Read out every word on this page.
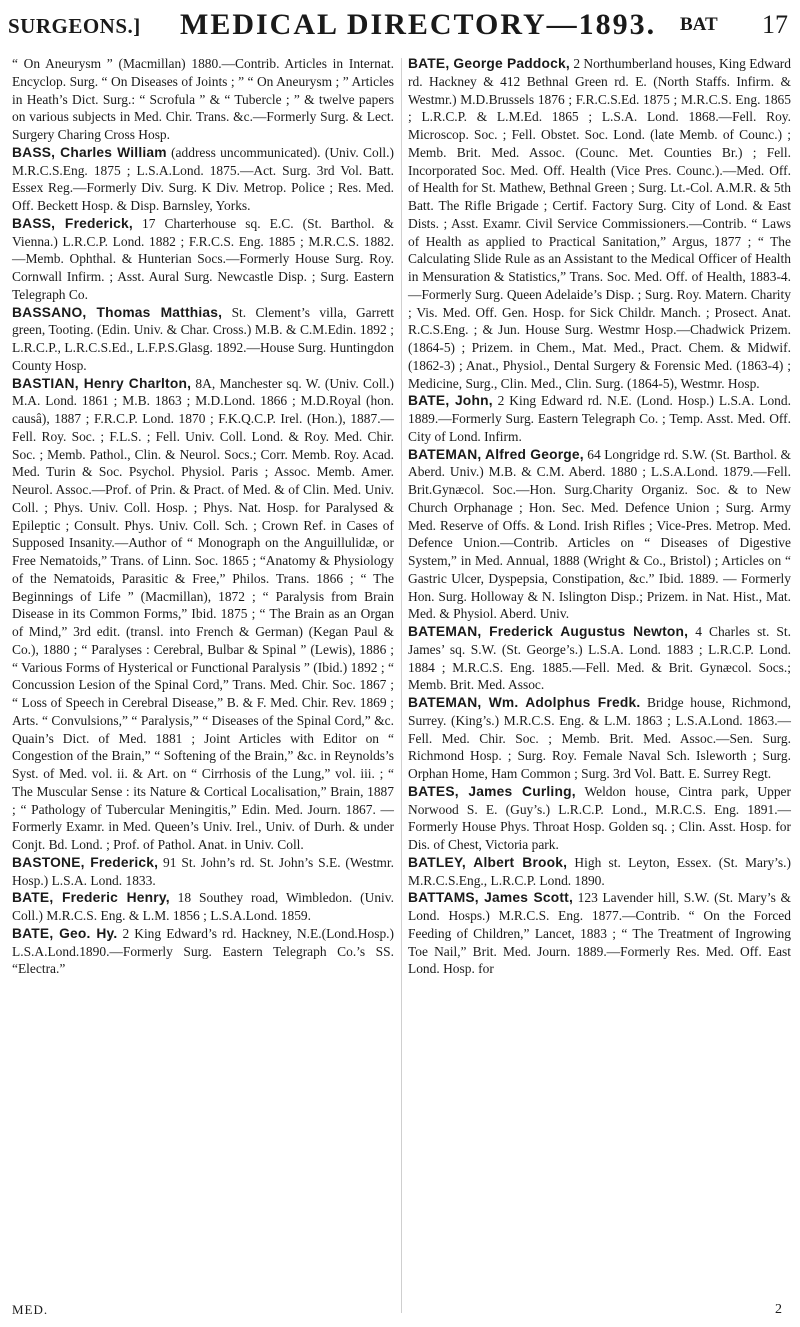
SURGEONS.] MEDICAL DIRECTORY—1893. BAT 17

“ On Aneurysm ” (Macmillan) 1880.—Contrib. Articles in Internat. Encyclop. Surg. “ On Diseases of Joints ; ” “ On Aneurysm ; ” Articles in Heath’s Dict. Surg.: “ Scrofula ” & “ Tubercle ; ” & twelve papers on various subjects in Med. Chir. Trans. &c.—Formerly Surg. & Lect. Surgery Charing Cross Hosp.

BASS, Charles William (address uncommunicated). (Univ. Coll.) M.R.C.S.Eng. 1875 ; L.S.A.Lond. 1875.—Act. Surg. 3rd Vol. Batt. Essex Reg.—Formerly Div. Surg. K Div. Metrop. Police ; Res. Med. Off. Beckett Hosp. & Disp. Barnsley, Yorks.

BASS, Frederick, 17 Charterhouse sq. E.C. (St. Barthol. & Vienna.) L.R.C.P. Lond. 1882 ; F.R.C.S. Eng. 1885 ; M.R.C.S. 1882.—Memb. Ophthal. & Hunterian Socs.—Formerly House Surg. Roy. Cornwall Infirm. ; Asst. Aural Surg. Newcastle Disp. ; Surg. Eastern Telegraph Co.

BASSANO, Thomas Matthias, St. Clement’s villa, Garrett green, Tooting. (Edin. Univ. & Char. Cross.) M.B. & C.M.Edin. 1892 ; L.R.C.P., L.R.C.S.Ed., L.F.P.S.Glasg. 1892.—House Surg. Huntingdon County Hosp.

BASTIAN, Henry Charlton, 8A, Manchester sq. W. (Univ. Coll.) M.A. Lond. 1861 ; M.B. 1863 ; M.D.Lond. 1866 ; M.D.Royal (hon. causâ), 1887 ; F.R.C.P. Lond. 1870 ; F.K.Q.C.P. Irel. (Hon.), 1887.—Fell. Roy. Soc. ; F.L.S. ; Fell. Univ. Coll. Lond. & Roy. Med. Chir. Soc. ; Memb. Pathol., Clin. & Neurol. Socs.; Corr. Memb. Roy. Acad. Med. Turin & Soc. Psychol. Physiol. Paris ; Assoc. Memb. Amer. Neurol. Assoc.—Prof. of Prin. & Pract. of Med. & of Clin. Med. Univ. Coll. ; Phys. Univ. Coll. Hosp. ; Phys. Nat. Hosp. for Paralysed & Epileptic ; Consult. Phys. Univ. Coll. Sch. ; Crown Ref. in Cases of Supposed Insanity.—Author of “ Monograph on the Anguillulidæ, or Free Nematoids,” Trans. of Linn. Soc. 1865 ; “Anatomy & Physiology of the Nematoids, Parasitic & Free,” Philos. Trans. 1866 ; “ The Beginnings of Life ” (Macmillan), 1872 ; “ Paralysis from Brain Disease in its Common Forms,” Ibid. 1875 ; “ The Brain as an Organ of Mind,” 3rd edit. (transl. into French & German) (Kegan Paul & Co.), 1880 ; “ Paralyses : Cerebral, Bulbar & Spinal ” (Lewis), 1886 ; “ Various Forms of Hysterical or Functional Paralysis ” (Ibid.) 1892 ; “ Concussion Lesion of the Spinal Cord,” Trans. Med. Chir. Soc. 1867 ; “ Loss of Speech in Cerebral Disease,” B. & F. Med. Chir. Rev. 1869 ; Arts. “ Convulsions,” “ Paralysis,” “ Diseases of the Spinal Cord,” &c. Quain’s Dict. of Med. 1881 ; Joint Articles with Editor on “ Congestion of the Brain,” “ Softening of the Brain,” &c. in Reynolds’s Syst. of Med. vol. ii. & Art. on “ Cirrhosis of the Lung,” vol. iii. ; “ The Muscular Sense : its Nature & Cortical Localisation,” Brain, 1887 ; “ Pathology of Tubercular Meningitis,” Edin. Med. Journ. 1867. —Formerly Examr. in Med. Queen’s Univ. Irel., Univ. of Durh. & under Conjt. Bd. Lond. ; Prof. of Pathol. Anat. in Univ. Coll.

BASTONE, Frederick, 91 St. John’s rd. St. John’s S.E. (Westmr. Hosp.) L.S.A. Lond. 1833.

BATE, Frederic Henry, 18 Southey road, Wimbledon. (Univ. Coll.) M.R.C.S. Eng. & L.M. 1856 ; L.S.A.Lond. 1859.

BATE, Geo. Hy. 2 King Edward’s rd. Hackney, N.E.(Lond.Hosp.) L.S.A.Lond.1890.—Formerly Surg. Eastern Telegraph Co.’s SS. “Electra.”

BATE, George Paddock, 2 Northumberland houses, King Edward rd. Hackney & 412 Bethnal Green rd. E. (North Staffs. Infirm. & Westmr.) M.D.Brussels 1876 ; F.R.C.S.Ed. 1875 ; M.R.C.S. Eng. 1865 ; L.R.C.P. & L.M.Ed. 1865 ; L.S.A. Lond. 1868.—Fell. Roy. Microscop. Soc. ; Fell. Obstet. Soc. Lond. (late Memb. of Counc.) ; Memb. Brit. Med. Assoc. (Counc. Met. Counties Br.) ; Fell. Incorporated Soc. Med. Off. Health (Vice Pres. Counc.).—Med. Off. of Health for St. Mathew, Bethnal Green ; Surg. Lt.-Col. A.M.R. & 5th Batt. The Rifle Brigade ; Certif. Factory Surg. City of Lond. & East Dists. ; Asst. Examr. Civil Service Commissioners.—Contrib. “ Laws of Health as applied to Practical Sanitation,” Argus, 1877 ; “ The Calculating Slide Rule as an Assistant to the Medical Officer of Health in Mensuration & Statistics,” Trans. Soc. Med. Off. of Health, 1883-4.—Formerly Surg. Queen Adelaide’s Disp. ; Surg. Roy. Matern. Charity ; Vis. Med. Off. Gen. Hosp. for Sick Childr. Manch. ; Prosect. Anat. R.C.S.Eng. ; & Jun. House Surg. Westmr Hosp.—Chadwick Prizem. (1864-5) ; Prizem. in Chem., Mat. Med., Pract. Chem. & Midwif. (1862-3) ; Anat., Physiol., Dental Surgery & Forensic Med. (1863-4) ; Medicine, Surg., Clin. Med., Clin. Surg. (1864-5), Westmr. Hosp.

BATE, John, 2 King Edward rd. N.E. (Lond. Hosp.) L.S.A. Lond. 1889.—Formerly Surg. Eastern Telegraph Co. ; Temp. Asst. Med. Off. City of Lond. Infirm.

BATEMAN, Alfred George, 64 Longridge rd. S.W. (St. Barthol. & Aberd. Univ.) M.B. & C.M. Aberd. 1880 ; L.S.A.Lond. 1879.—Fell. Brit.Gynæcol. Soc.—Hon. Surg.Charity Organiz. Soc. & to New Church Orphanage ; Hon. Sec. Med. Defence Union ; Surg. Army Med. Reserve of Offs. & Lond. Irish Rifles ; Vice-Pres. Metrop. Med. Defence Union.—Contrib. Articles on “ Diseases of Digestive System,” in Med. Annual, 1888 (Wright & Co., Bristol) ; Articles on “ Gastric Ulcer, Dyspepsia, Constipation, &c.” Ibid. 1889. — Formerly Hon. Surg. Holloway & N. Islington Disp.; Prizem. in Nat. Hist., Mat. Med. & Physiol. Aberd. Univ.

BATEMAN, Frederick Augustus Newton, 4 Charles st. St. James’ sq. S.W. (St. George’s.) L.S.A. Lond. 1883 ; L.R.C.P. Lond. 1884 ; M.R.C.S. Eng. 1885.—Fell. Med. & Brit. Gynæcol. Socs.; Memb. Brit. Med. Assoc.

BATEMAN, Wm. Adolphus Fredk. Bridge house, Richmond, Surrey. (King’s.) M.R.C.S. Eng. & L.M. 1863 ; L.S.A.Lond. 1863.—Fell. Med. Chir. Soc. ; Memb. Brit. Med. Assoc.—Sen. Surg. Richmond Hosp. ; Surg. Roy. Female Naval Sch. Isleworth ; Surg. Orphan Home, Ham Common ; Surg. 3rd Vol. Batt. E. Surrey Regt.

BATES, James Curling, Weldon house, Cintra park, Upper Norwood S. E. (Guy’s.) L.R.C.P. Lond., M.R.C.S. Eng. 1891.—Formerly House Phys. Throat Hosp. Golden sq. ; Clin. Asst. Hosp. for Dis. of Chest, Victoria park.

BATLEY, Albert Brook, High st. Leyton, Essex. (St. Mary’s.) M.R.C.S.Eng., L.R.C.P. Lond. 1890.

BATTAMS, James Scott, 123 Lavender hill, S.W. (St. Mary’s & Lond. Hosps.) M.R.C.S. Eng. 1877.—Contrib. “ On the Forced Feeding of Children,” Lancet, 1883 ; “ The Treatment of Ingrowing Toe Nail,” Brit. Med. Journ. 1889.—Formerly Res. Med. Off. East Lond. Hosp. for

MED.	2
